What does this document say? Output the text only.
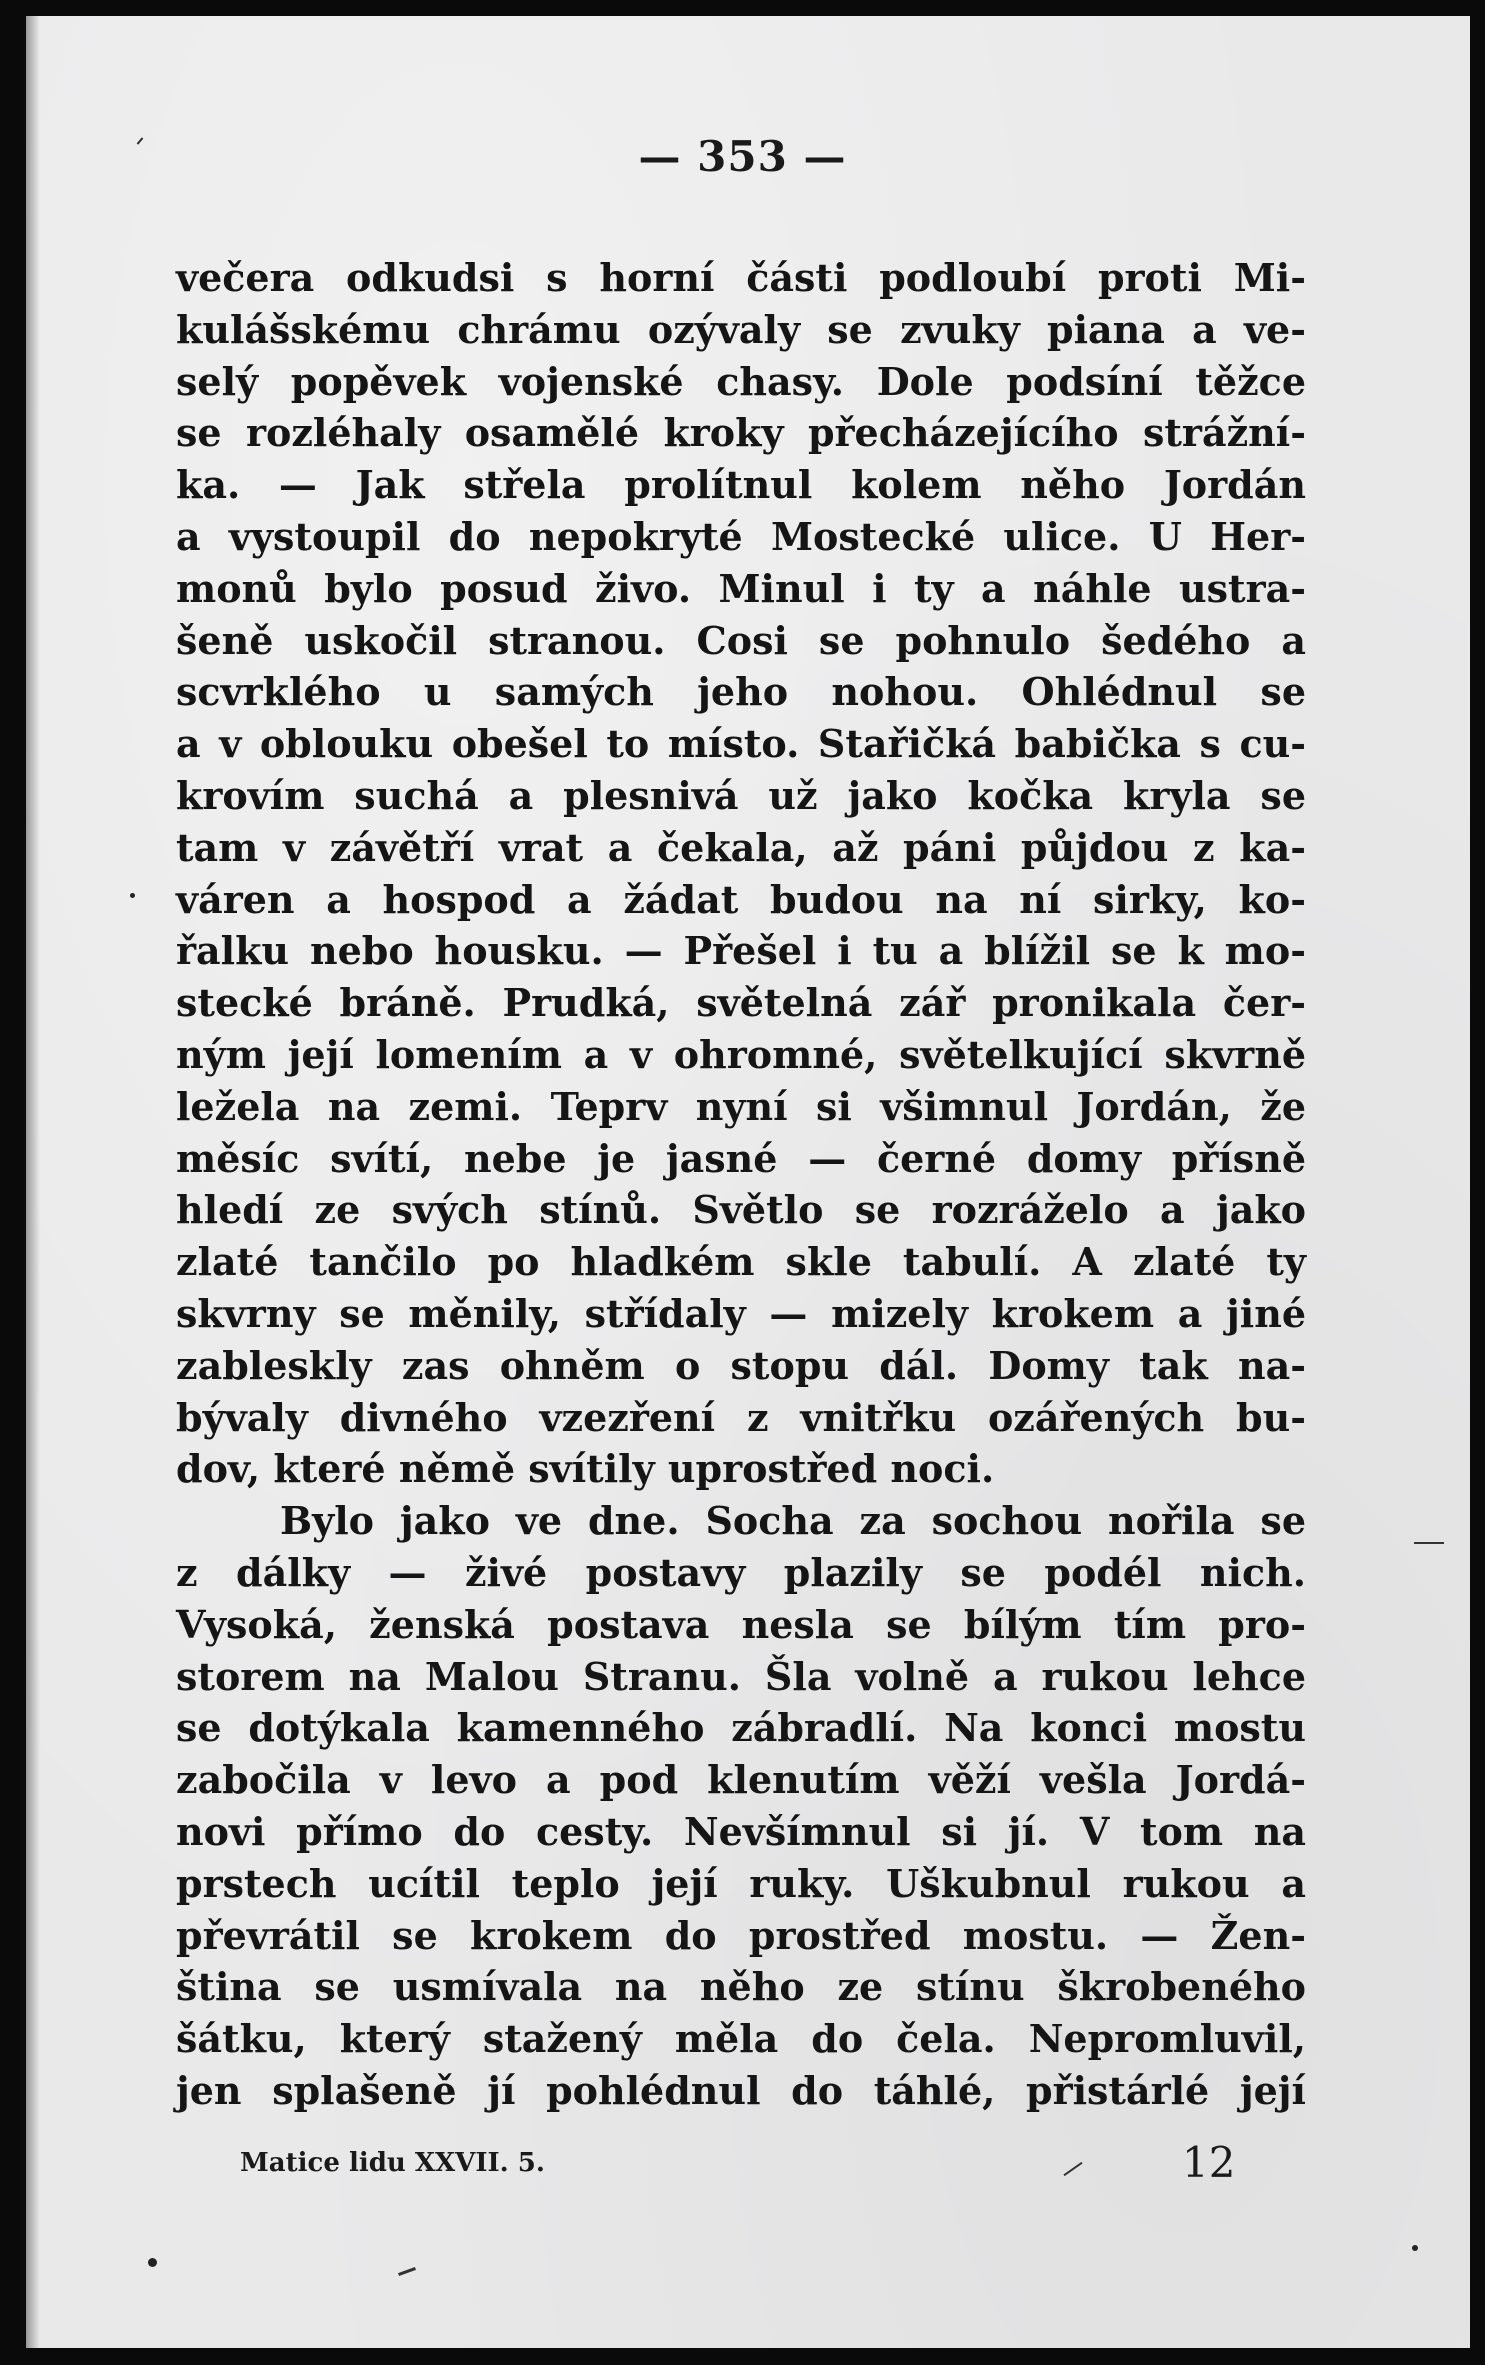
— 353 —
večera odkudsi s horní části podloubí proti Mi-
kulášskému chrámu ozývaly se zvuky piana a ve-
selý popěvek vojenské chasy. Dole podsíní těžce
se rozléhaly osamělé kroky přecházejícího strážní-
ka. — Jak střela prolítnul kolem něho Jordán
a vystoupil do nepokryté Mostecké ulice. U Her-
monů bylo posud živo. Minul i ty a náhle ustra-
šeně uskočil stranou. Cosi se pohnulo šedého a
scvrklého u samých jeho nohou. Ohlédnul se
a v oblouku obešel to místo. Stařičká babička s cu-
krovím suchá a plesnivá už jako kočka kryla se
tam v závětří vrat a čekala, až páni půjdou z ka-
váren a hospod a žádat budou na ní sirky, ko-
řalku nebo housku. — Přešel i tu a blížil se k mo-
stecké bráně. Prudká, světelná zář pronikala čer-
ným její lomením a v ohromné, světelkující skvrně
ležela na zemi. Teprv nyní si všimnul Jordán, že
měsíc svítí, nebe je jasné — černé domy přísně
hledí ze svých stínů. Světlo se rozráželo a jako
zlaté tančilo po hladkém skle tabulí. A zlaté ty
skvrny se měnily, střídaly — mizely krokem a jiné
zableskly zas ohněm o stopu dál. Domy tak na-
bývaly divného vzezření z vnitřku ozářených bu-
dov, které němě svítily uprostřed noci.
Bylo jako ve dne. Socha za sochou nořila se
z dálky — živé postavy plazily se podél nich.
Vysoká, ženská postava nesla se bílým tím pro-
storem na Malou Stranu. Šla volně a rukou lehce
se dotýkala kamenného zábradlí. Na konci mostu
zabočila v levo a pod klenutím věží vešla Jordá-
novi přímo do cesty. Nevšímnul si jí. V tom na
prstech ucítil teplo její ruky. Uškubnul rukou a
převrátil se krokem do prostřed mostu. — Žen-
ština se usmívala na něho ze stínu škrobeného
šátku, který stažený měla do čela. Nepromluvil,
jen splašeně jí pohlédnul do táhlé, přistárlé její
Matice lidu XXVII. 5.	12
